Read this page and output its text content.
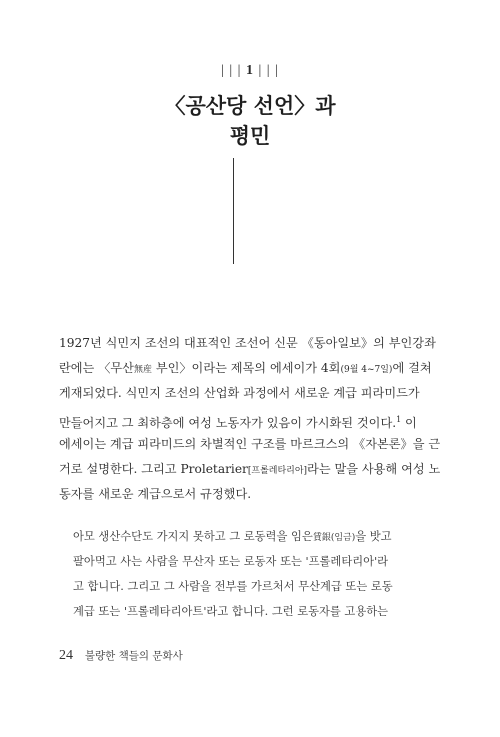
| | | 1 | | |
〈공산당 선언〉과
평민
1927년 식민지 조선의 대표적인 조선어 신문 《동아일보》의 부인강좌
란에는 〈무산無産 부인〉이라는 제목의 에세이가 4회(9월 4~7일)에 걸쳐
게재되었다. 식민지 조선의 산업화 과정에서 새로운 계급 피라미드가
만들어지고 그 최하층에 여성 노동자가 있음이 가시화된 것이다.$^1$ 이
에세이는 계급 피라미드의 차별적인 구조를 마르크스의 《자본론》을 근
거로 설명한다. 그리고 Proletarier[프롤레타리아]라는 말을 사용해 여성 노
동자를 새로운 계급으로서 규정했다.
아모 생산수단도 가지지 못하고 그 로동력을 임은賃銀(임금)을 밧고
팔아먹고 사는 사람을 무산자 또는 로동자 또는 '프롤레타리아'라
고 합니다. 그리고 그 사람을 전부를 가르처서 무산계급 또는 로동
계급 또는 '프롤레타리아트'라고 합니다. 그런 로동자를 고용하는
24 불량한 책들의 문화사
